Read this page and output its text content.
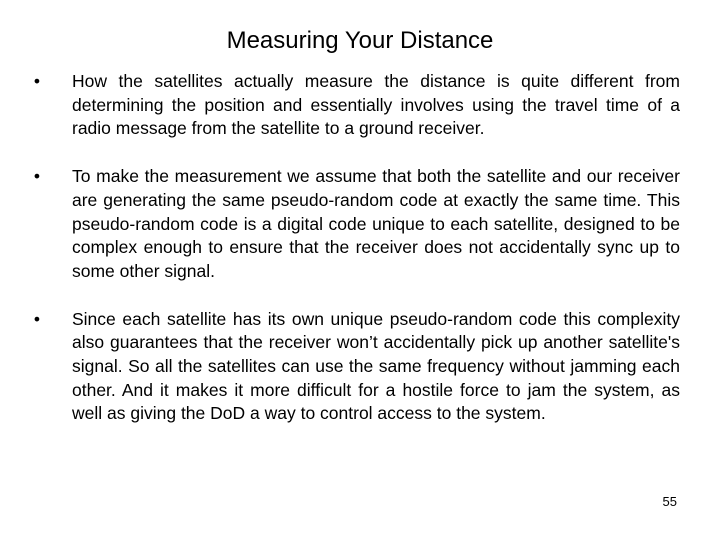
Measuring Your Distance
• How the satellites actually measure the distance is quite different from determining the position and essentially involves using the travel time of a radio message from the satellite to a ground receiver.
• To make the measurement we assume that both the satellite and our receiver are generating the same pseudo-random code at exactly the same time. This pseudo-random code is a digital code unique to each satellite, designed to be complex enough to ensure that the receiver does not accidentally sync up to some other signal.
• Since each satellite has its own unique pseudo-random code this complexity also guarantees that the receiver won’t accidentally pick up another satellite's signal. So all the satellites can use the same frequency without jamming each other. And it makes it more difficult for a hostile force to jam the system, as well as giving the DoD a way to control access to the system.
55
